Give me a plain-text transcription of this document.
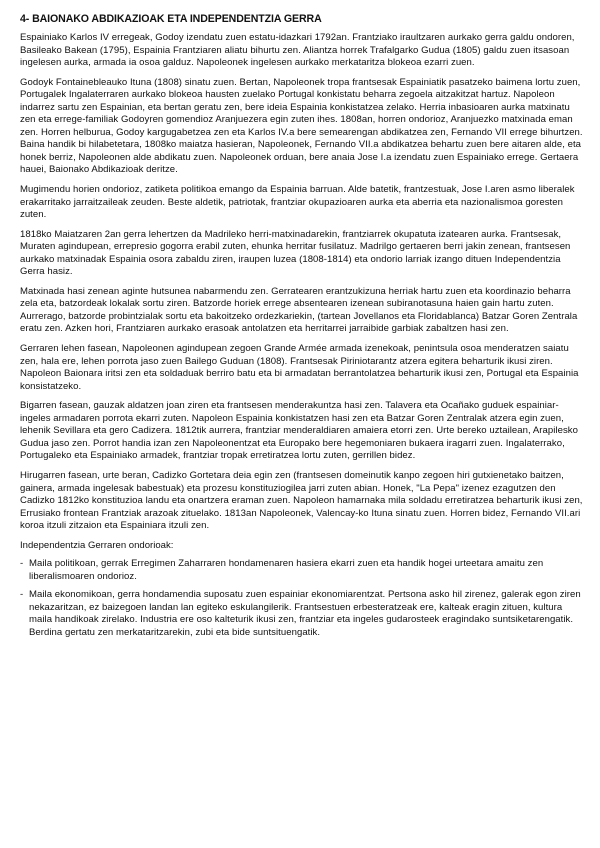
4- BAIONAKO ABDIKAZIOAK ETA INDEPENDENTZIA GERRA

Espainiako Karlos IV erregeak, Godoy izendatu zuen estatu-idazkari 1792an. Frantziako iraultzaren aurkako gerra galdu ondoren, Basileako Bakean (1795), Espainia Frantziaren aliatu bihurtu zen. Aliantza horrek Trafalgarko Gudua (1805) galdu zuen itsasoan ingelesen aurka, armada ia osoa galduz. Napoleonek ingelesen aurkako merkataritza blokeoa ezarri zuen.

Godoyk Fontainebleauko Ituna (1808) sinatu zuen. Bertan, Napoleonek tropa frantsesak Espainiatik pasatzeko baimena lortu zuen, Portugalek Ingalaterraren aurkako blokeoa hausten zuelako Portugal konkistatu beharra zegoela aitzakitzat hartuz. Napoleon indarrez sartu zen Espainian, eta bertan geratu zen, bere ideia Espainia konkistatzea zelako. Herria inbasioaren aurka matxinatu zen eta errege-familiak Godoyren gomendioz Aranjuezera egin zuten ihes. 1808an, horren ondorioz, Aranjuezko matxinada eman zen. Horren helburua, Godoy kargugabetzea zen eta Karlos IV.a bere semearengan abdikatzea zen, Fernando VII errege bihurtzen. Baina handik bi hilabetetara, 1808ko maiatza hasieran, Napoleonek, Fernando VII.a abdikatzea behartu zuen bere aitaren alde, eta honek berriz, Napoleonen alde abdikatu zuen. Napoleonek orduan, bere anaia Jose I.a izendatu zuen Espainiako errege. Gertaera hauei, Baionako Abdikazioak deritze.

Mugimendu horien ondorioz, zatiketa politikoa emango da Espainia barruan. Alde batetik, frantzestuak, Jose I.aren asmo liberalek erakarritako jarraitzaileak zeuden. Beste aldetik, patriotak, frantziar okupazioaren aurka eta aberria eta nazionalismoa goresten zuten.

1818ko Maiatzaren 2an gerra lehertzen da Madrileko herri-matxinadarekin, frantziarrek okupatuta izatearen aurka. Frantsesak, Muraten agindupean, errepresio gogorra erabil zuten, ehunka herritar fusilatuz. Madrilgo gertaeren berri jakin zenean, frantsesen aurkako matxinadak Espainia osora zabaldu ziren, iraupen luzea (1808-1814) eta ondorio larriak izango dituen Independentzia Gerra hasiz.

Matxinada hasi zenean aginte hutsunea nabarmendu zen. Gerratearen erantzukizuna herriak hartu zuen eta koordinazio beharra zela eta, batzordeak lokalak sortu ziren. Batzorde horiek errege absentearen izenean subiranotasuna haien gain hartu zuten. Aurrerago, batzorde probintzialak sortu eta bakoitzeko ordezkariekin, (tartean Jovellanos eta Floridablanca) Batzar Goren Zentrala eratu zen. Azken hori, Frantziaren aurkako erasoak antolatzen eta herritarrei jarraibide garbiak zabaltzen hasi zen.

Gerraren lehen fasean, Napoleonen agindupean zegoen Grande Armée armada izenekoak, penintsula osoa menderatzen saiatu zen, hala ere, lehen porrota jaso zuen Bailego Guduan (1808). Frantsesak Piriniotarantz atzera egitera beharturik ikusi ziren. Napoleon Baionara iritsi zen eta soldaduak berriro batu eta bi armadatan berrantolatzea beharturik ikusi zen, Portugal eta Espainia konsistatzeko.

Bigarren fasean, gauzak aldatzen joan ziren eta frantsesen menderakuntza hasi zen. Talavera eta Ocañako guduek espainiar-ingeles armadaren porrota ekarri zuten. Napoleon Espainia konkistatzen hasi zen eta Batzar Goren Zentralak atzera egin zuen, lehenik Sevillara eta gero Cadizera. 1812tik aurrera, frantziar menderaldiaren amaiera etorri zen. Urte bereko uztailean, Arapilesko Gudua jaso zen. Porrot handia izan zen Napoleonentzat eta Europako bere hegemoniaren bukaera iragarri zuen. Ingalaterrako, Portugaleko eta Espainiako armadek, frantziar tropak erretiratzea lortu zuten, gerrillen bidez.

Hirugarren fasean, urte beran, Cadizko Gortetara deia egin zen (frantsesen domeinutik kanpo zegoen hiri gutxienetako baitzen, gainera, armada ingelesak babestuak) eta prozesu konstituziogilea jarri zuten abian. Honek, "La Pepa" izenez ezagutzen den Cadizko 1812ko konstituzioa landu eta onartzera eraman zuen. Napoleon hamarnaka mila soldadu erretiratzea beharturik ikusi zen, Errusiako frontean Frantziak arazoak zituelako. 1813an Napoleonek, Valencay-ko Ituna sinatu zuen. Horren bidez, Fernando VII.ari koroa itzuli zitzaion eta Espainiara itzuli zen.

Independentzia Gerraren ondorioak:

- Maila politikoan, gerrak Erregimen Zaharraren hondamenaren hasiera ekarri zuen eta handik hogei urteetara amaitu zen liberalismoaren ondorioz.
- Maila ekonomikoan, gerra hondamendia suposatu zuen espainiar ekonomiarentzat. Pertsona asko hil zirenez, galerak egon ziren nekazaritzan, ez baizegoen landan lan egiteko eskulangilerik. Frantsestuen erbesteratzeak ere, kalteak eragin zituen, kultura maila handikoak zirelako. Industria ere oso kalteturik ikusi zen, frantziar eta ingeles gudarosteek eragindako suntsiketarengatik. Berdina gertatu zen merkataritzarekin, zubi eta bide suntsituengatik.
